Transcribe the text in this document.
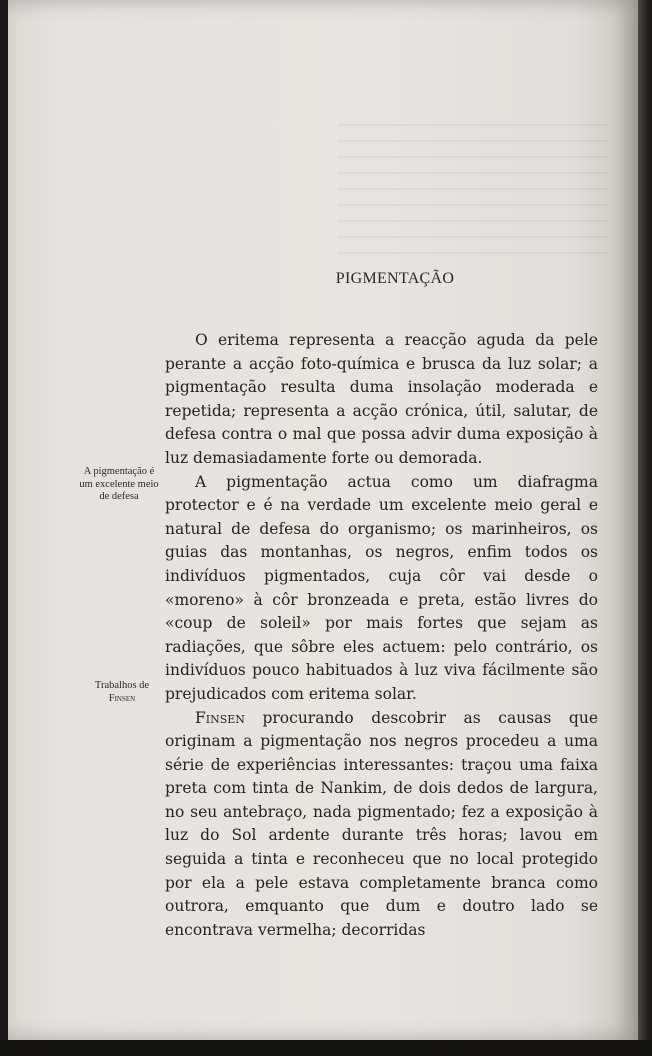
PIGMENTAÇÃO
A pigmentação é um excelente meio de defesa
Trabalhos de
Finsen

O eritema representa a reacção aguda da pele perante a acção foto-química e brusca da luz solar; a pigmentação resulta duma insolação moderada e repetida; representa a acção crónica, útil, salutar, de defesa contra o mal que possa advir duma exposição à luz demasiadamente forte ou demorada.

A pigmentação actua como um diafragma protector e é na verdade um excelente meio geral e natural de defesa do organismo; os marinheiros, os guias das montanhas, os negros, enfim todos os indivíduos pigmentados, cuja côr vai desde o «moreno» à côr bronzeada e preta, estão livres do «coup de soleil» por mais fortes que sejam as radiações, que sôbre eles actuem: pelo contrário, os indivíduos pouco habituados à luz viva fácilmente são prejudicados com eritema solar.

Finsen procurando descobrir as causas que originam a pigmentação nos negros procedeu a uma série de experiências interessantes: traçou uma faixa preta com tinta de Nankim, de dois dedos de largura, no seu antebraço, nada pigmentado; fez a exposição à luz do Sol ardente durante três horas; lavou em seguida a tinta e reconheceu que no local protegido por ela a pele estava completamente branca como outrora, emquanto que dum e doutro lado se encontrava vermelha; decorridas
